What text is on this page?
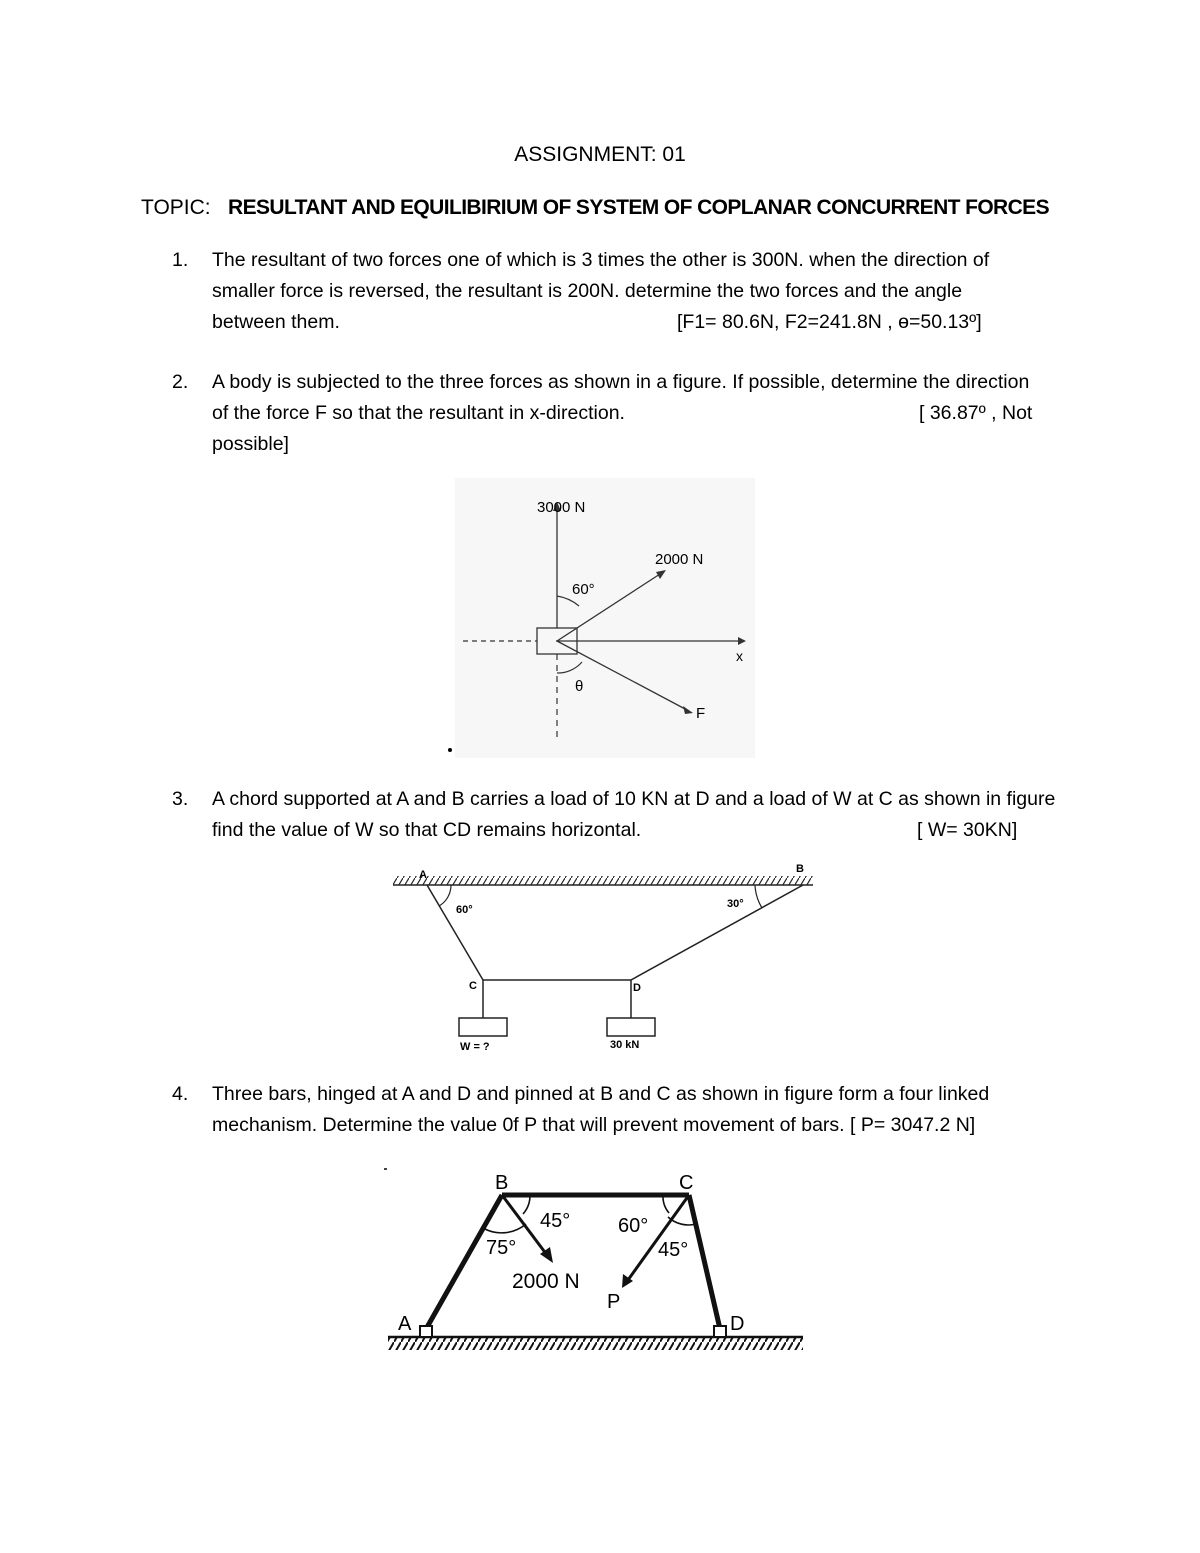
ASSIGNMENT: 01
TOPIC: RESULTANT AND EQUILIBIRIUM OF SYSTEM OF COPLANAR CONCURRENT FORCES
1. The resultant of two forces one of which is 3 times the other is 300N. when the direction of
smaller force is reversed, the resultant is 200N. determine the two forces and the angle
between them.	[F1= 80.6N, F2=241.8N , ɵ=50.13º]
2. A body is subjected to the three forces as shown in a figure. If possible, determine the direction
of the force F so that the resultant in x-direction.	[ 36.87º , Not
possible]
3000 N
2000 N
60°
x
θ
F
3. A chord supported at A and B carries a load of 10 KN at D and a load of W at C as shown in figure
find the value of W so that CD remains horizontal.	[ W= 30KN]
A	B
60°	30°
C	D
W = ?	30 kN
4. Three bars, hinged at A and D and pinned at B and C as shown in figure form a four linked
mechanism. Determine the value 0f P that will prevent movement of bars. [ P= 3047.2 N]
B	C
A	D
45°
75°
60°
45°
2000 N
P
